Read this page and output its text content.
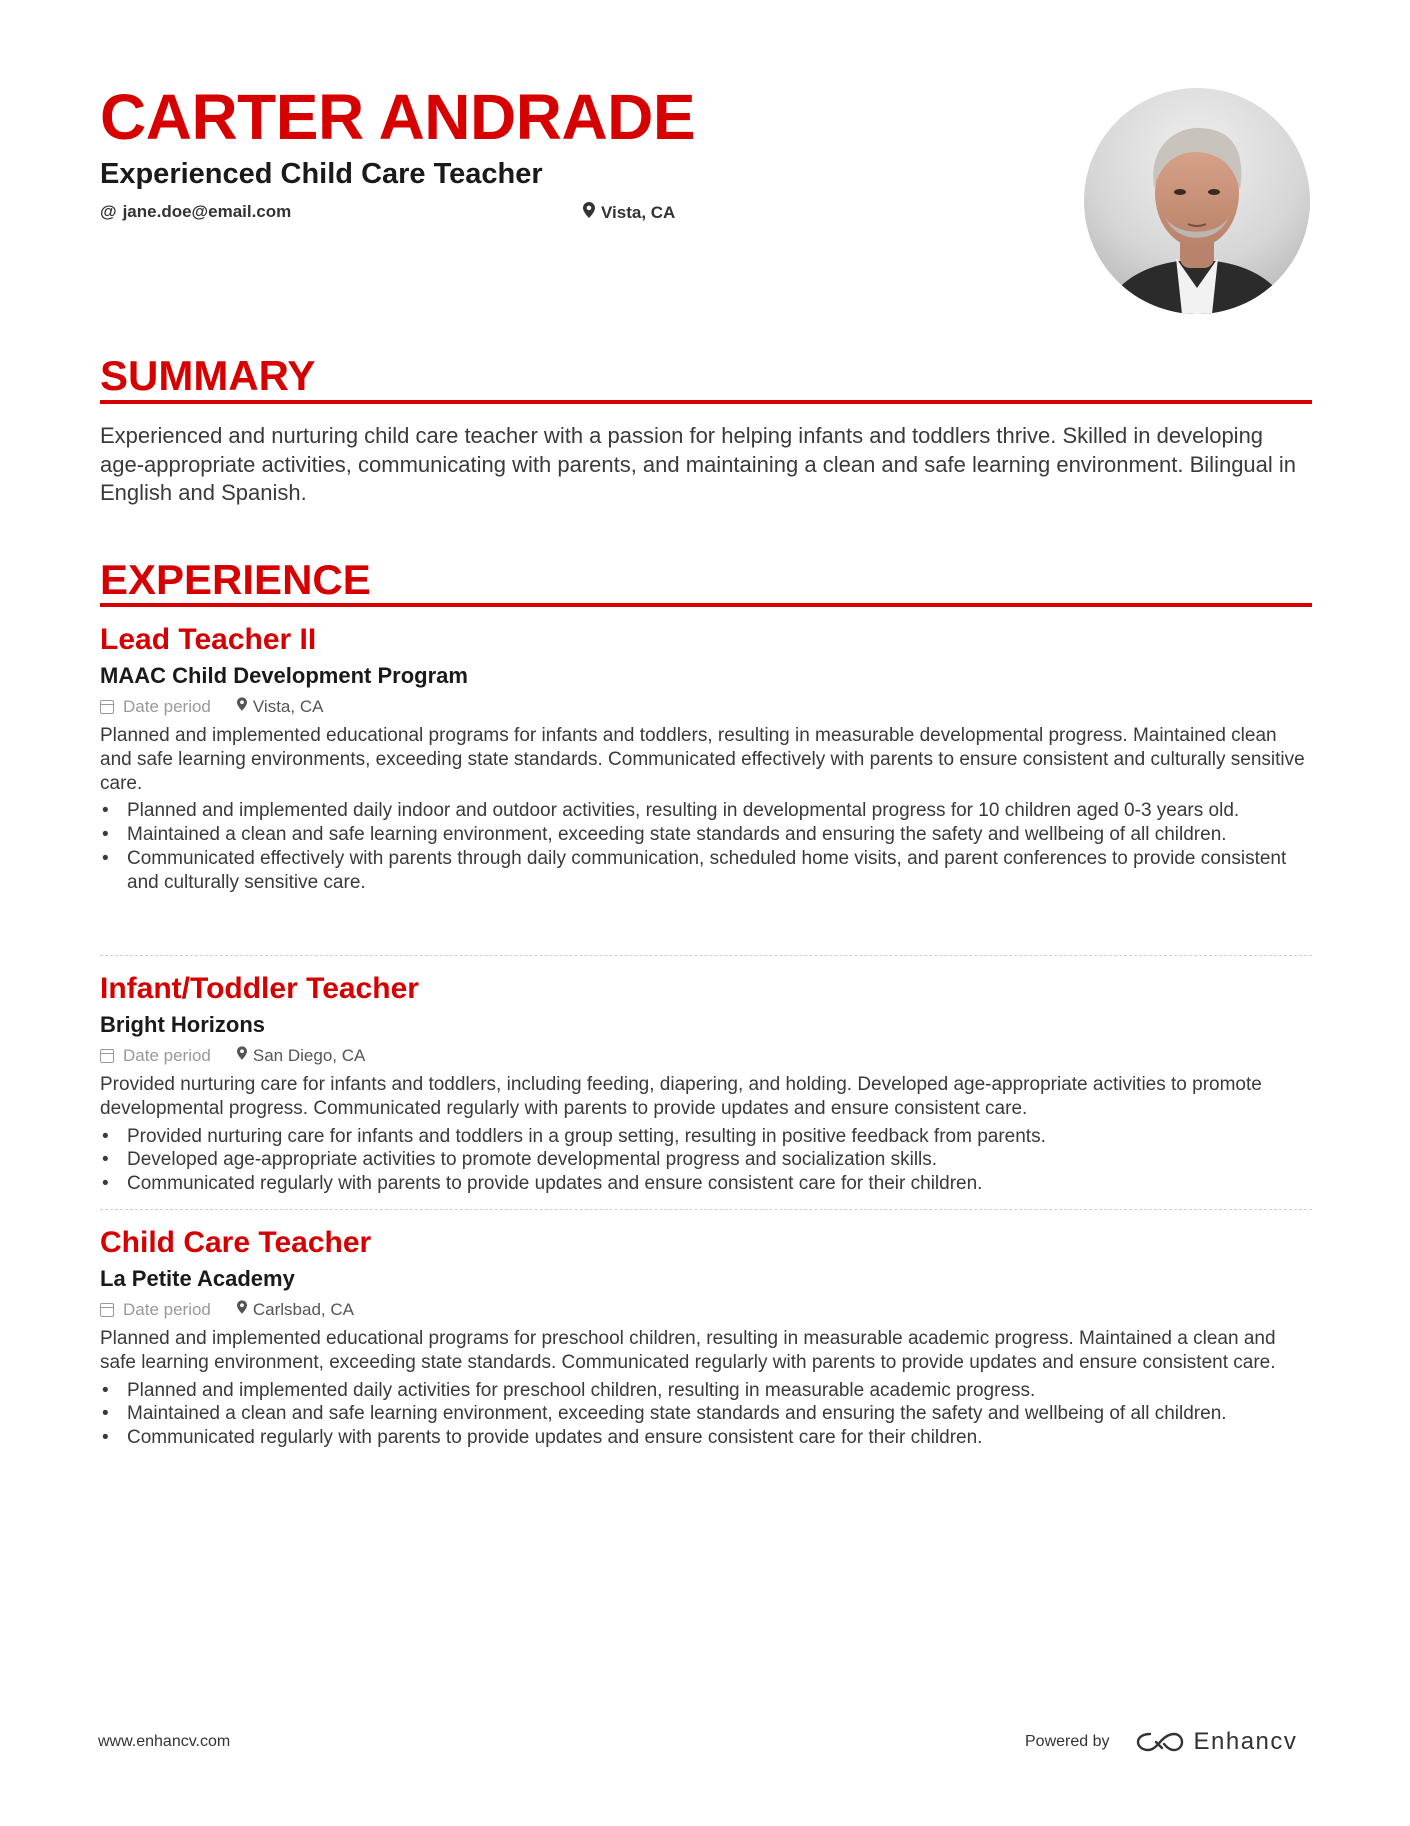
CARTER ANDRADE
Experienced Child Care Teacher
@ jane.doe@email.com	Vista, CA
SUMMARY

Experienced and nurturing child care teacher with a passion for helping infants and toddlers thrive. Skilled in developing age-appropriate activities, communicating with parents, and maintaining a clean and safe learning environment. Bilingual in English and Spanish.

EXPERIENCE
Lead Teacher II
MAAC Child Development Program
Date period Vista, CA

Planned and implemented educational programs for infants and toddlers, resulting in measurable developmental progress. Maintained clean and safe learning environments, exceeding state standards. Communicated effectively with parents to ensure consistent and culturally sensitive care.

• Planned and implemented daily indoor and outdoor activities, resulting in developmental progress for 10 children aged 0-3 years old.
• Maintained a clean and safe learning environment, exceeding state standards and ensuring the safety and wellbeing of all children.
• Communicated effectively with parents through daily communication, scheduled home visits, and parent conferences to provide consistent and culturally sensitive care.
Infant/Toddler Teacher
Bright Horizons
Date period San Diego, CA

Provided nurturing care for infants and toddlers, including feeding, diapering, and holding. Developed age-appropriate activities to promote developmental progress. Communicated regularly with parents to provide updates and ensure consistent care.

• Provided nurturing care for infants and toddlers in a group setting, resulting in positive feedback from parents.
• Developed age-appropriate activities to promote developmental progress and socialization skills.
• Communicated regularly with parents to provide updates and ensure consistent care for their children.
Child Care Teacher
La Petite Academy
Date period Carlsbad, CA

Planned and implemented educational programs for preschool children, resulting in measurable academic progress. Maintained a clean and safe learning environment, exceeding state standards. Communicated regularly with parents to provide updates and ensure consistent care.

• Planned and implemented daily activities for preschool children, resulting in measurable academic progress.
• Maintained a clean and safe learning environment, exceeding state standards and ensuring the safety and wellbeing of all children.
• Communicated regularly with parents to provide updates and ensure consistent care for their children.
www.enhancv.com	Powered by	Enhancv
